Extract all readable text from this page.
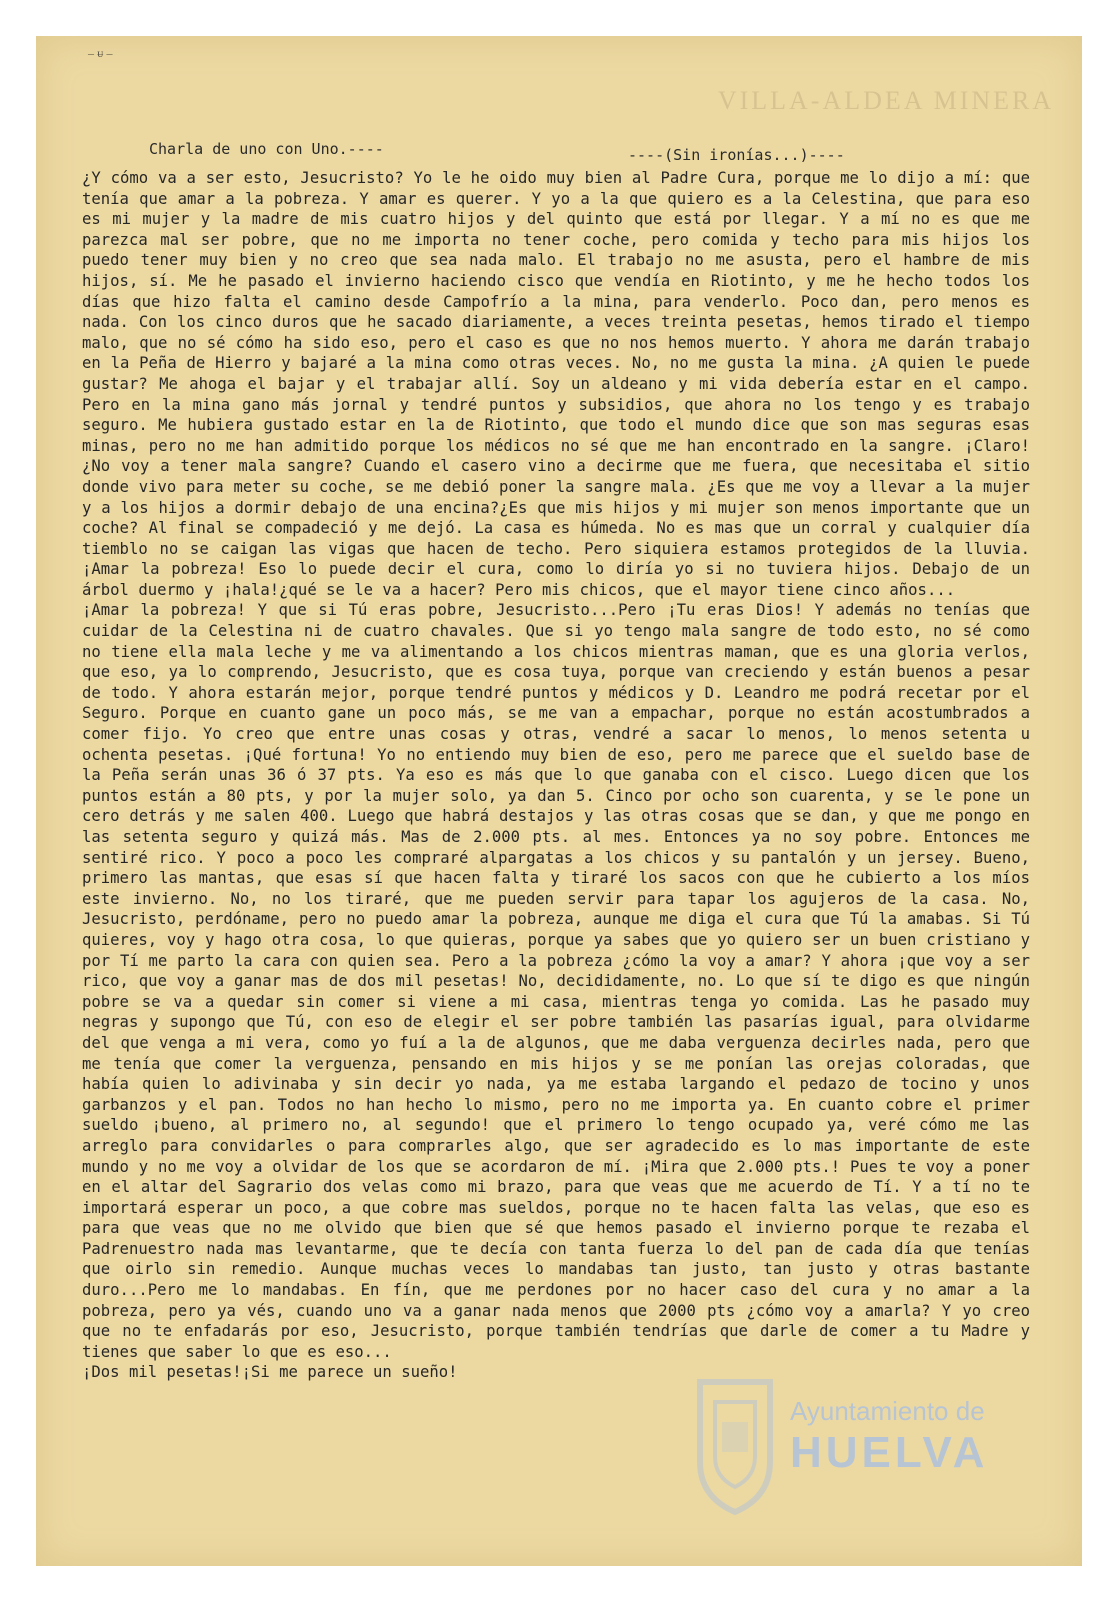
– ᵾ –
VILLA-ALDEA MINERA
Charla de uno con Uno.----	----(Sin ironías...)----

¿Y cómo va a ser esto, Jesucristo? Yo le he oido muy bien al Padre Cura, porque me lo dijo a mí: que tenía que amar a la pobreza. Y amar es querer. Y yo a la que quiero es a la Celestina, que para eso es mi mujer y la madre de mis cuatro hijos y del quinto que está por llegar. Y a mí no es que me parezca mal ser pobre, que no me importa no tener coche, pero comida y techo para mis hijos los puedo tener muy bien y no creo que sea nada malo. El trabajo no me asusta, pero el hambre de mis hijos, sí. Me he pasado el invierno haciendo cisco que vendía en Riotinto, y me he hecho todos los días que hizo falta el camino desde Campofrío a la mina, para venderlo. Poco dan, pero menos es nada. Con los cinco duros que he sacado diariamente, a veces treinta pesetas, hemos tirado el tiempo malo, que no sé cómo ha sido eso, pero el caso es que no nos hemos muerto. Y ahora me darán trabajo en la Peña de Hierro y bajaré a la mina como otras veces. No, no me gusta la mina. ¿A quien le puede gustar? Me ahoga el bajar y el trabajar allí. Soy un aldeano y mi vida debería estar en el campo. Pero en la mina gano más jornal y tendré puntos y subsidios, que ahora no los tengo y es trabajo seguro. Me hubiera gustado estar en la de Riotinto, que todo el mundo dice que son mas seguras esas minas, pero no me han admitido porque los médicos no sé que me han encontrado en la sangre. ¡Claro! ¿No voy a tener mala sangre? Cuando el casero vino a decirme que me fuera, que necesitaba el sitio donde vivo para meter su coche, se me debió poner la sangre mala. ¿Es que me voy a llevar a la mujer y a los hijos a dormir debajo de una encina?¿Es que mis hijos y mi mujer son menos importante que un coche? Al final se compadeció y me dejó. La casa es húmeda. No es mas que un corral y cualquier día tiemblo no se caigan las vigas que hacen de techo. Pero siquiera estamos protegidos de la lluvia. ¡Amar la pobreza! Eso lo puede decir el cura, como lo diría yo si no tuviera hijos. Debajo de un árbol duermo y ¡hala!¿qué se le va a hacer? Pero mis chicos, que el mayor tiene cinco años...

¡Amar la pobreza! Y que si Tú eras pobre, Jesucristo...Pero ¡Tu eras Dios! Y además no tenías que cuidar de la Celestina ni de cuatro chavales. Que si yo tengo mala sangre de todo esto, no sé como no tiene ella mala leche y me va alimentando a los chicos mientras maman, que es una gloria verlos, que eso, ya lo comprendo, Jesucristo, que es cosa tuya, porque van creciendo y están buenos a pesar de todo. Y ahora estarán mejor, porque tendré puntos y médicos y D. Leandro me podrá recetar por el Seguro. Porque en cuanto gane un poco más, se me van a empachar, porque no están acostumbrados a comer fijo. Yo creo que entre unas cosas y otras, vendré a sacar lo menos, lo menos setenta u ochenta pesetas. ¡Qué fortuna! Yo no entiendo muy bien de eso, pero me parece que el sueldo base de la Peña serán unas 36 ó 37 pts. Ya eso es más que lo que ganaba con el cisco. Luego dicen que los puntos están a 80 pts, y por la mujer solo, ya dan 5. Cinco por ocho son cuarenta, y se le pone un cero detrás y me salen 400. Luego que habrá destajos y las otras cosas que se dan, y que me pongo en las setenta seguro y quizá más. Mas de 2.000 pts. al mes. Entonces ya no soy pobre. Entonces me sentiré rico. Y poco a poco les compraré alpargatas a los chicos y su pantalón y un jersey. Bueno, primero las mantas, que esas sí que hacen falta y tiraré los sacos con que he cubierto a los míos este invierno. No, no los tiraré, que me pueden servir para tapar los agujeros de la casa. No, Jesucristo, perdóname, pero no puedo amar la pobreza, aunque me diga el cura que Tú la amabas. Si Tú quieres, voy y hago otra cosa, lo que quieras, porque ya sabes que yo quiero ser un buen cristiano y por Tí me parto la cara con quien sea. Pero a la pobreza ¿cómo la voy a amar? Y ahora ¡que voy a ser rico, que voy a ganar mas de dos mil pesetas! No, decididamente, no. Lo que sí te digo es que ningún pobre se va a quedar sin comer si viene a mi casa, mientras tenga yo comida. Las he pasado muy negras y supongo que Tú, con eso de elegir el ser pobre también las pasarías igual, para olvidarme del que venga a mi vera, como yo fuí a la de algunos, que me daba verguenza decirles nada, pero que me tenía que comer la verguenza, pensando en mis hijos y se me ponían las orejas coloradas, que había quien lo adivinaba y sin decir yo nada, ya me estaba largando el pedazo de tocino y unos garbanzos y el pan. Todos no han hecho lo mismo, pero no me importa ya. En cuanto cobre el primer sueldo ¡bueno, al primero no, al segundo! que el primero lo tengo ocupado ya, veré cómo me las arreglo para convidarles o para comprarles algo, que ser agradecido es lo mas importante de este mundo y no me voy a olvidar de los que se acordaron de mí. ¡Mira que 2.000 pts.! Pues te voy a poner en el altar del Sagrario dos velas como mi brazo, para que veas que me acuerdo de Tí. Y a tí no te importará esperar un poco, a que cobre mas sueldos, porque no te hacen falta las velas, que eso es para que veas que no me olvido que bien que sé que hemos pasado el invierno porque te rezaba el Padrenuestro nada mas levantarme, que te decía con tanta fuerza lo del pan de cada día que tenías que oirlo sin remedio. Aunque muchas veces lo mandabas tan justo, tan justo y otras bastante duro...Pero me lo mandabas. En fín, que me perdones por no hacer caso del cura y no amar a la pobreza, pero ya vés, cuando uno va a ganar nada menos que 2000 pts ¿cómo voy a amarla? Y yo creo que no te enfadarás por eso, Jesucristo, porque también tendrías que darle de comer a tu Madre y tienes que saber lo que es eso...

¡Dos mil pesetas!¡Si me parece un sueño!

Ayuntamiento de
HUELVA
